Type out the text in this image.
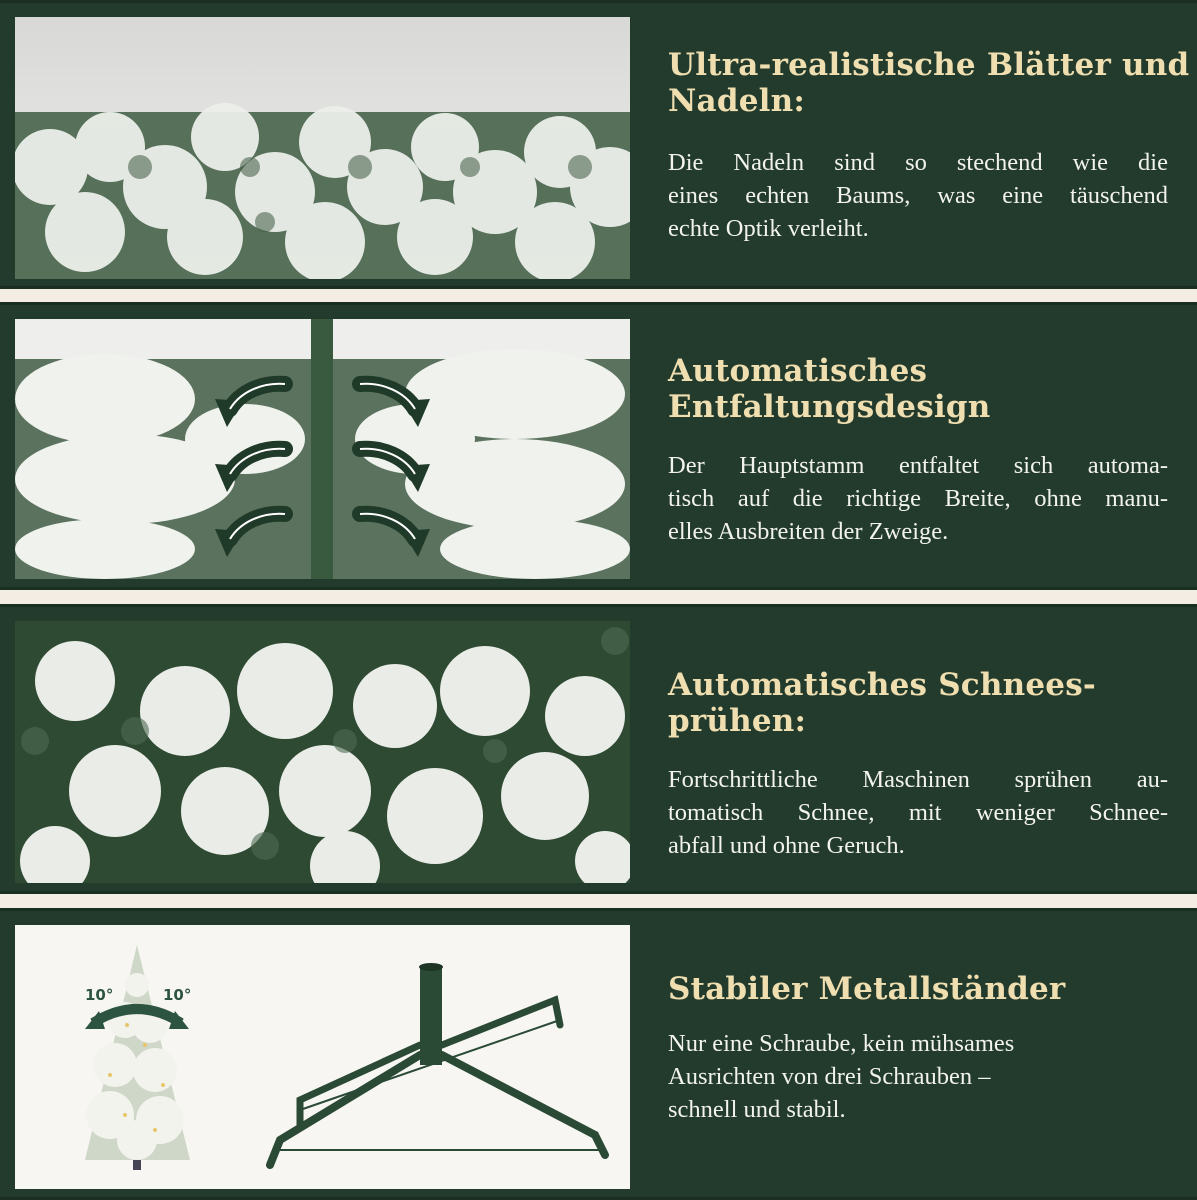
Ultra-realistische Blätter und
Nadeln:

Die Nadeln sind so stechend wie die
eines echten Baums, was eine täuschend
echte Optik verleiht.

Automatisches
Entfaltungsdesign

Der Hauptstamm entfaltet sich automa-
tisch auf die richtige Breite, ohne manu-
elles Ausbreiten der Zweige.

Automatisches Schnees-
prühen:

Fortschrittliche Maschinen sprühen au-
tomatisch Schnee, mit weniger Schnee-
abfall und ohne Geruch.

10°	10°	Stabiler Metallständer

Nur eine Schraube, kein mühsames
Ausrichten von drei Schrauben –
schnell und stabil.
